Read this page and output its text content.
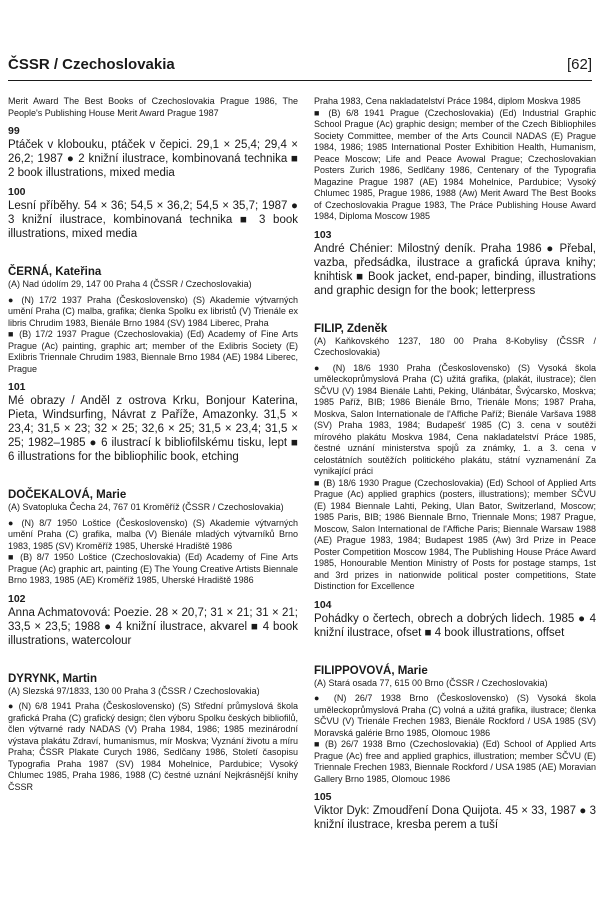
ČSSR / Czechoslovakia	[62]

Merit Award The Best Books of Czechoslovakia Prague 1986, The People's Publishing House Merit Award Prague 1987

99

Ptáček v klobouku, ptáček v čepici. 29,1 × 25,4; 29,4 × 26,2; 1987 ● 2 knižní ilustrace, kombinovaná technika ■ 2 book illustrations, mixed media

100

Lesní příběhy. 54 × 36; 54,5 × 36,2; 54,5 × 35,7; 1987 ● 3 knižní ilustrace, kombinovaná technika ■ 3 book illustrations, mixed media

ČERNÁ, Kateřina

(A) Nad údolím 29, 147 00 Praha 4 (ČSSR / Czechoslovakia)

● (N) 17/2 1937 Praha (Československo) (S) Akademie výtvarných umění Praha (C) malba, grafika; členka Spolku ex libristů (V) Trienále ex libris Chrudim 1983, Bienále Brno 1984 (SV) 1984 Liberec, Praha

■ (B) 17/2 1937 Prague (Czechoslovakia) (Ed) Academy of Fine Arts Prague (Ac) painting, graphic art; member of the Exlibris Society (E) Exlibris Triennale Chrudim 1983, Biennale Brno 1984 (AE) 1984 Liberec, Prague

101

Mé obrazy / Anděl z ostrova Krku, Bonjour Katerina, Pieta, Windsurfing, Návrat z Paříže, Amazonky. 31,5 × 23,4; 31,5 × 23; 32 × 25; 32,6 × 25; 31,5 × 23,4; 31,5 × 25; 1982–1985 ● 6 ilustrací k bibliofilskému tisku, lept ■ 6 illustrations for the bibliophilic book, etching

DOČEKALOVÁ, Marie

(A) Svatopluka Čecha 24, 767 01 Kroměříž (ČSSR / Czechoslovakia)

● (N) 8/7 1950 Loštice (Československo) (S) Akademie výtvarných umění Praha (C) grafika, malba (V) Bienále mladých výtvarníků Brno 1983, 1985 (SV) Kroměříž 1985, Uherské Hradiště 1986

■ (B) 8/7 1950 Loštice (Czechoslovakia) (Ed) Academy of Fine Arts Prague (Ac) graphic art, painting (E) The Young Creative Artists Biennale Brno 1983, 1985 (AE) Kroměříž 1985, Uherské Hradiště 1986

102

Anna Achmatovová: Poezie. 28 × 20,7; 31 × 21; 31 × 21; 33,5 × 23,5; 1988 ● 4 knižní ilustrace, akvarel ■ 4 book illustrations, watercolour

DYRYNK, Martin

(A) Slezská 97/1833, 130 00 Praha 3 (ČSSR / Czechoslovakia)

● (N) 6/8 1941 Praha (Československo) (S) Střední průmyslová škola grafická Praha (C) grafický design; člen výboru Spolku českých bibliofilů, člen výtvarné rady NADAS (V) Praha 1984, 1986; 1985 mezinárodní výstava plakátu Zdraví, humanismus, mír Moskva; Vyznání životu a míru Praha; ČSSR Plakate Curych 1986, Sedlčany 1986, Století časopisu Typografia Praha 1987 (SV) 1984 Mohelnice, Pardubice; Vysoký Chlumec 1985, Praha 1986, 1988 (C) čestné uznání Nejkrásnější knihy ČSSR

Praha 1983, Cena nakladatelství Práce 1984, diplom Moskva 1985

■ (B) 6/8 1941 Prague (Czechoslovakia) (Ed) Industrial Graphic School Prague (Ac) graphic design; member of the Czech Bibliophiles Society Committee, member of the Arts Council NADAS (E) Prague 1984, 1986; 1985 International Poster Exhibition Health, Humanism, Peace Moscow; Life and Peace Avowal Prague; Czechoslovakian Posters Zurich 1986, Sedlčany 1986, Centenary of the Typografia Magazine Prague 1987 (AE) 1984 Mohelnice, Pardubice; Vysoký Chlumec 1985, Prague 1986, 1988 (Aw) Merit Award The Best Books of Czechoslovakia Prague 1983, The Práce Publishing House Award 1984, Diploma Moscow 1985

103

André Chénier: Milostný deník. Praha 1986 ● Přebal, vazba, předsádka, ilustrace a grafická úprava knihy; knihtisk ■ Book jacket, end-paper, binding, illustrations and graphic design for the book; letterpress

FILIP, Zdeněk

(A) Kaňkovského 1237, 180 00 Praha 8-Kobylisy (ČSSR / Czechoslovakia)

● (N) 18/6 1930 Praha (Československo) (S) Vysoká škola uměleckoprůmyslová Praha (C) užitá grafika, (plakát, ilustrace); člen SČVU (V) 1984 Bienále Lahti, Peking, Ulánbátar, Švýcarsko, Moskva; 1985 Paříž, BIB; 1986 Bienále Brno, Trienále Mons; 1987 Praha, Moskva, Salon Internationale de l'Affiche Paříž; Bienále Varšava 1988 (SV) Praha 1983, 1984; Budapešť 1985 (C) 3. cena v soutěži mírového plakátu Moskva 1984, Cena nakladatelství Práce 1985, čestné uznání ministerstva spojů za známky, 1. a 3. cena v celostátních soutěžích politického plakátu, státní vyznamenání Za vynikající práci

■ (B) 18/6 1930 Prague (Czechoslovakia) (Ed) School of Applied Arts Prague (Ac) applied graphics (posters, illustrations); member SČVU (E) 1984 Biennale Lahti, Peking, Ulan Bator, Switzerland, Moscow; 1985 Paris, BIB; 1986 Biennale Brno, Triennale Mons; 1987 Prague, Moscow, Salon International de l'Affiche Paris; Biennale Warsaw 1988 (AE) Prague 1983, 1984; Budapest 1985 (Aw) 3rd Prize in Peace Poster Competition Moscow 1984, The Publishing House Práce Award 1985, Honourable Mention Ministry of Posts for postage stamps, 1st and 3rd prizes in nationwide political poster competitions, State Distinction for Excellence

104

Pohádky o čertech, obrech a dobrých lidech. 1985 ● 4 knižní ilustrace, ofset ■ 4 book illustrations, offset

FILIPPOVOVÁ, Marie

(A) Stará osada 77, 615 00 Brno (ČSSR / Czechoslovakia)

● (N) 26/7 1938 Brno (Československo) (S) Vysoká škola uměleckoprůmyslová Praha (C) volná a užitá grafika, ilustrace; členka SČVU (V) Trienále Frechen 1983, Bienále Rockford / USA 1985 (SV) Moravská galérie Brno 1985, Olomouc 1986

■ (B) 26/7 1938 Brno (Czechoslovakia) (Ed) School of Applied Arts Prague (Ac) free and applied graphics, illustration; member SČVU (E) Triennale Frechen 1983, Biennale Rockford / USA 1985 (AE) Moravian Gallery Brno 1985, Olomouc 1986

105

Viktor Dyk: Zmoudření Dona Quijota. 45 × 33, 1987 ● 3 knižní ilustrace, kresba perem a tuší
